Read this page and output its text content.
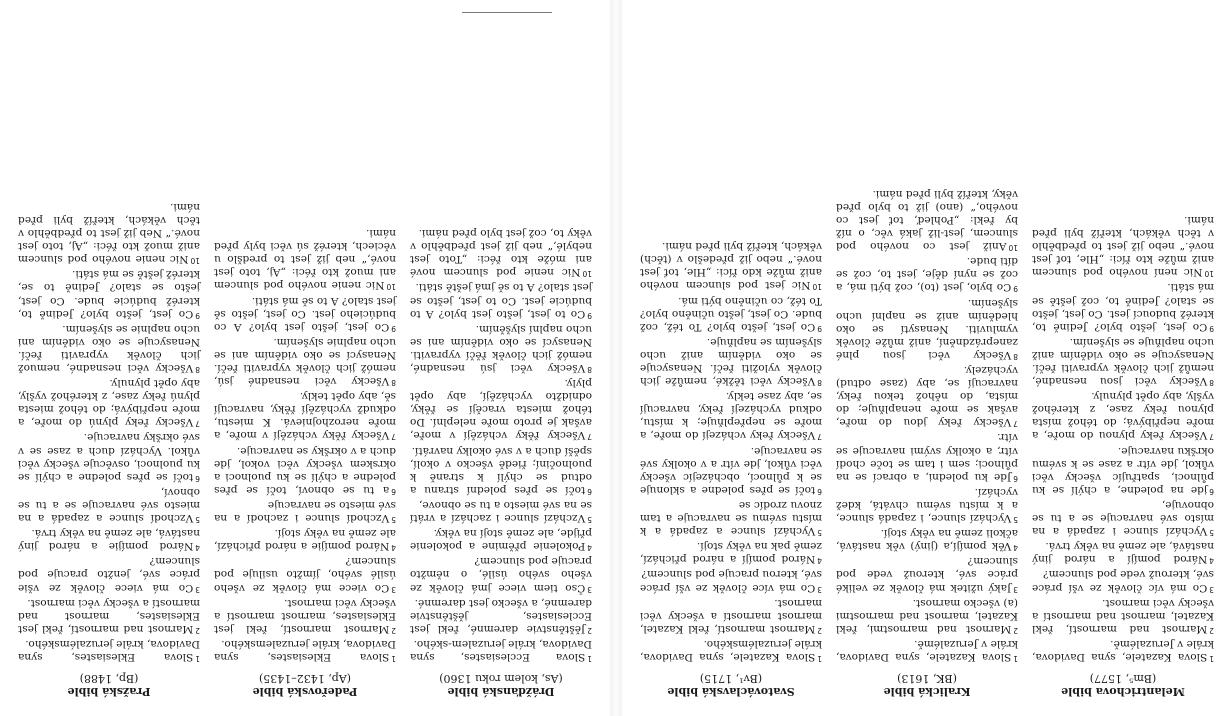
Melantrichova bible
(Bm⁵, 1577)

1Slova Kazatele, syna Davidova, krále v Jeruzalémě.

2Marnost nad marností, řekl Kazatel, marnost nad marností a všecky věci marnost.

3Co má víc člověk ze vší práce své, kterouž vede pod sluncem?

4Národ pomíjí a národ jiný nastává, ale země na věky trvá.

5Vychází slunce i zapadá a na místo své navracuje se a tu se obnovuje,

6jde na poledne, a chýlí se ku půlnoci, spatřujíc všecky věci vůkol, jde vítr a zase se k svému okršku navracuje.

7Všecky řeky plynou do moře, a moře nepřibývá; do téhož místa plynou řeky zase, z kteréhož vyšly, aby opět plynuly.

8Všecky věci jsou nesnadné, nemůž jich člověk vypraviti řečí. Nenasycuje se oko viděním aniž ucho naplňuje se slyšením.

9Co jest, ješto bylo? Jedině to, kteréž budoucí jest. Co jest, ješto se stalo? Jedině to, což ještě se má státi.

10Nic není nového pod sluncem aniž může kto říci: „Hle, toť jest nové.“ nebo již jest to předběhlo v těch věkách, kteříž byli před námi.

Kralická bible
(BK, 1613)

1Slova Kazatele, syna Davidova, krále v Jeruzalémě.

2Marnost nad marnostmi, řekl Kazatel, marnost nad marnostmi (a) všecko marnost.

3Jaký užitek má člověk ze veliké práce své, kterouž vede pod sluncem?

4Věk pomíjí,a (jiný) věk nastává, ačkoli země na věky stojí.

5Vychází slunce, i zapadá slunce, a k místu svému chvátá, kdež vychází.

6Jde ku poledni, a obrací se na půlnoci; sem i tam se toče chodí vítr, a okolky svými navracuje se vítr.

7Všecky řeky jdou do moře, avšak se moře nenaplňuje; do místa, do něhož tekou řeky, navracují se, aby (zase odtud) vycházely.

8Všecky věci jsou plné zaneprázdnění, aniž může člověk vymluviti. Nenasytí se oko hleděním aniž se naplní ucho slyšením.

9Co bylo, jest (to), což býti má, a což se nyní děje, jest to, což se díti bude.

10Aniž jest co nového pod sluncem, jest-liž jaká věc, o níž by řekl: „Pohleď, toť jest co nového,“ (ano) již to bylo před věky, kteříž byli před námi.

Svatováclavská bible
(Bv¹, 1715)

1Slova Kazatele, syna Davidova, krále jeruzalémského.

2Marnost marností, řekl Kazatel, marnost marností a všecky věci marnost.

3Co má více člověk ze vší práce své, kterou pracuje pod sluncem?

4Národ pomíjí a národ přichází, země pak na věky stojí.

5Vychází slunce a zapadá a k místu svému se navracuje a tam znovu zrodíc se

6točí se přes poledne a sklonuje se k půlnocí, obcházejíc všecky věci vůkol, jde vítr a v okolky své se navracuje.

7Všecky řeky vcházejí do moře, a moře se nepřeplňuje; k místu, odkud vycházejí řeky, navracují se, aby zase tekly.

8Všecky věci těžké, nemůže jich člověk vyložiti řečí. Nenasycuje se oko viděním aniž ucho slyšením se naplňuje.

9Co jest, ješto bylo? To též, což bude. Co jest, ješto učiněno bylo? To též, co učiněno býti má.

10Nic jest pod sluncem nového aniž může kdo říci: „Hle, toť jest nové.“ nebo již předešlo v (těch) věkách, kteříž byli před námi.

Drážďanská bible
(As, kolem roku 1360)

1Slova Ecclesiastes, syna Davidova, krále jeruzalem-ského.

2Jěštěnstvie daremné, řekl jest Ecclesiastes, jěštěnstvie daremné, a všecko jest daremné.

3Čso tiem viece jmá člověk ze všeho svého úsilé, o němžto pracuje pod sluncem?

4Pokolenie přěmine a pokolenie přijde, ale země stojí na věky.

5Vzchází slunce i zachází a vrátí se na své miesto a tu se obnove,

6točí se přes polední stranu a odtud se chýlí k straně k puolnočiní; řiedě všecko v okolí, spěší duch a v své okolky navrátí.

7Všecky řěky vcházějí v moře, avšak je proto moře neleplní. Do téhož miesta vracějí se řěky, odnidžto vycházějí, aby opět plyly.

8Všecky věci jsú nesnadné, nemóž jich člověk řěčí vypraviti. Nenasycí se oko viděním ani se ucho naplní slyšěním.

9Co to jest, ješto jest bylo? A to budúcie jest. Co to jest, ješto se jest stalo? A to sě jmá ještě státi.

10Nic nenie pod sluncem nové ani móže kto řéci: „Toto jest nebylé,“ neb již jest předběhlo v věky to, což jest bylo před námi.

Padeřovská bible
(Ap, 1432–1435)

1Slova Eklesiastes, syna Davidova, krále jeruzalemského.

2Marnost marností, řekl jest Eklesiastes, marnost marností a všecky věci marnost.

3Co viece má člověk ze všeho úsilé svého, jímžto usiluje pod sluncem?

4Národ pomíjie a národ přichází, ale země na věky stojí.

5Vzchodí slunce i zachodí a na své miesto se navracuje

6a tu se obnoví, točí se přes poledne a chýlí se ku puolnoci a okrskem všecky věci vokol, jde duch a v okršky se navracuje.

7Všecky řěky vcházějí v moře, a moře nerozhojnievá. K miestu, odkudž vycházějí řěky, navracují sě, aby opět tekly.

8Všecky věci nesnadné jsú, nemóž jich člověk vypraviti řečí. Nenasycí se oko viděním ani se ucho naplnie slyšením.

9Co jest, ješto jest bylo? A co budúcieho jest. Co jest, ješto sě jest stalo? A to sě má státi.

10Nic nenie nového pod sluncem ani muož kto řéci: „Aj, toto jest nové,“ neb již jest to predšlo u věciech, kteréž sú věci byly před námi.

Pražská bible
(Bp, 1488)

1Slova Eklesiastes, syna Davidova, krále jeruzalémského.

2Marnost nad marností, řekl jest Eklesiastes, marnost nad marností a všecky věci marnost.

3Co má viece člověk ze všie práce své, jenžto pracuje pod sluncem?

4Národ pomíjie a národ jiný nastává, ale země na věky trvá.

5Vzchodí slunce a zapadá a na miesto své navracuje se a tu se obnoví,

6točí se přes poledne a chýlí se ku puolnoci, osvěcuje všecky věci vůkol. Vychází duch a zase se v své okršky navracuje.

7Všecky řeky plynú do moře, a moře nepřibývá; do téhož miesta plynú řeky zase, z kteréhož vyšly, aby opět plynuly.

8Všecky věci nesnadné, nemuož jich člověk vypraviti řečí. Nenasycuje se oko viděním ani ucho naplnie se slyšením.

9Co jest, ješto bylo? Jedině to, kteréž budúcie bude. Co jest, ješto se stalo? Jedině to se, kteréž ještě se má státi.

10Nic nenie nového pod sluncem aniž muož kto řéci: „Aj, toto jest nové.“ Neb již jest to předběhlo v těch věkách, kteříž byli před námi.
